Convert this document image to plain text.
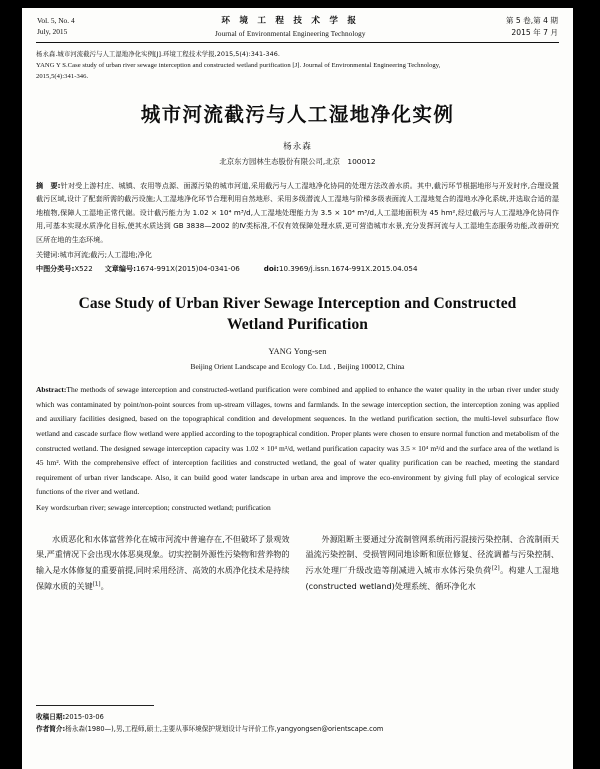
Vol. 5, No. 4
July, 2015
环 境 工 程 技 术 学 报
Journal of Environmental Engineering Technology
第 5 卷,第 4 期
2015 年 7 月
杨永森.城市河流截污与人工湿地净化实例[J].环境工程技术学报,2015,5(4):341-346.
YANG Y S.Case study of urban river sewage interception and constructed wetland purification [J]. Journal of Environmental Engineering Technology,
2015,5(4):341-346.
城市河流截污与人工湿地净化实例
杨永森
北京东方园林生态股份有限公司,北京　100012
摘　要:针对受上游村庄、城镇、农用等点源、面源污染的城市河道,采用截污与人工湿地净化协同的处理方法改善水质。其中,截污环节根据地形与开发时序,合理设置截污区域,设计了配套所需的截污设施;人工湿地净化环节合理利用自然地形、采用多级潜流人工湿地与阶梯多级表面流人工湿地复合的湿地水净化系统,并选取合适的湿地植物,保障人工湿地正常代谢。设计截污能力为 1.02 × 10⁴ m³/d,人工湿地处理能力为 3.5 × 10⁴ m³/d,人工湿地面积为 45 hm²,经过截污与人工湿地净化协同作用,可基本实现水质净化目标,使其水质达到 GB 3838—2002 的Ⅳ类标准,不仅有效保障处理水质,更可营造城市水景,充分发挥河流与人工湿地生态服务功能,改善研究区所在地的生态环境。
关键词:城市河流;截污;人工湿地;净化
中图分类号:X522 文章编号:1674-991X(2015)04-0341-06	doi:10.3969/j.issn.1674-991X.2015.04.054
Case Study of Urban River Sewage Interception and Constructed Wetland Purification
YANG Yong-sen
Beijing Orient Landscape and Ecology Co. Ltd. , Beijing 100012, China
Abstract:The methods of sewage interception and constructed-wetland purification were combined and applied to enhance the water quality in the urban river under study which was contaminated by point/non-point sources from up-stream villages, towns and farmlands. In the sewage interception section, the interception zoning was applied and auxiliary facilities designed, based on the topographical condition and development sequences. In the wetland purification section, the multi-level subsurface flow wetland and cascade surface flow wetland were applied according to the topographical condition. Proper plants were chosen to ensure normal function and metabolism of the constructed wetland. The designed sewage interception capacity was 1.02 × 10⁴ m³/d, wetland purification capacity was 3.5 × 10⁴ m³/d and the surface area of the wetland is 45 hm². With the comprehensive effect of interception facilities and constructed wetland, the goal of water quality purification can be reached, meeting the standard requirement of urban river landscape. Also, it can build good water landscape in urban area and improve the eco-environment by giving full play of ecological service functions of the river and wetland.
Key words:urban river; sewage interception; constructed wetland; purification

水质恶化和水体富营养化在城市河流中普遍存在,不但破坏了景观效果,严重情况下会出现水体恶臭现象。切实控制外源性污染物和营养物的输入是水体修复的重要前提,同时采用经济、高效的水质净化技术是持续保障水质的关键[1]。

外源阻断主要通过分流制管网系统雨污混接污染控制、合流制雨天溢流污染控制、受损管网同地诊断和原位修复、径流调蓄与污染控制、污水处理厂升级改造等削减进入城市水体污染负荷[2]。构建人工湿地(constructed wetland)处理系统、循环净化水

收稿日期:2015-03-06
作者简介:杨永森(1980—),男,工程师,硕士,主要从事环境保护规划设计与评价工作,yangyongsen@orientscape.com
